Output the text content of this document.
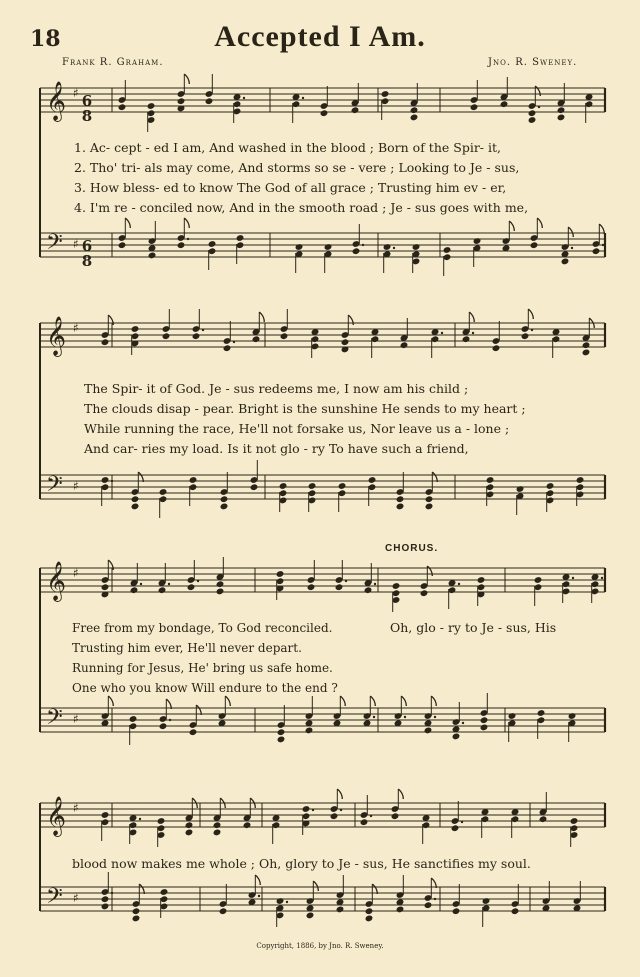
18	Accepted I Am.
Frank R. Graham.	Jno. R. Sweney.
𝄞 ♯
𝄢 ♯
𝄞 ♯
𝄢 ♯
𝄞 ♯
𝄢 ♯
𝄞 ♯
𝄢 ♯
6
8
6
8
1. Ac- cept - ed I am, And washed in the blood ; Born of the Spir- it,
2. Tho' tri- als may come, And storms so se - vere ; Looking to Je - sus,
3. How bless- ed to know The God of all grace ; Trusting him ev - er,
4. I'm re - conciled now, And in the smooth road ; Je - sus goes with me,
The Spir- it of God. Je - sus redeems me, I now am his child ;
The clouds disap - pear. Bright is the sunshine He sends to my heart ;
While running the race, He'll not forsake us, Nor leave us a - lone ;
And car- ries my load. Is it not glo - ry To have such a friend,
CHORUS.
Free from my bondage, To God reconciled.
Trusting him ever, He'll never depart.
Running for Jesus, He' bring us safe home.
One who you know Will endure to the end ?
Oh, glo - ry to Je - sus, His
blood now makes me whole ; Oh, glory to Je - sus, He sanctifies my soul.
Copyright, 1886, by Jno. R. Sweney.
